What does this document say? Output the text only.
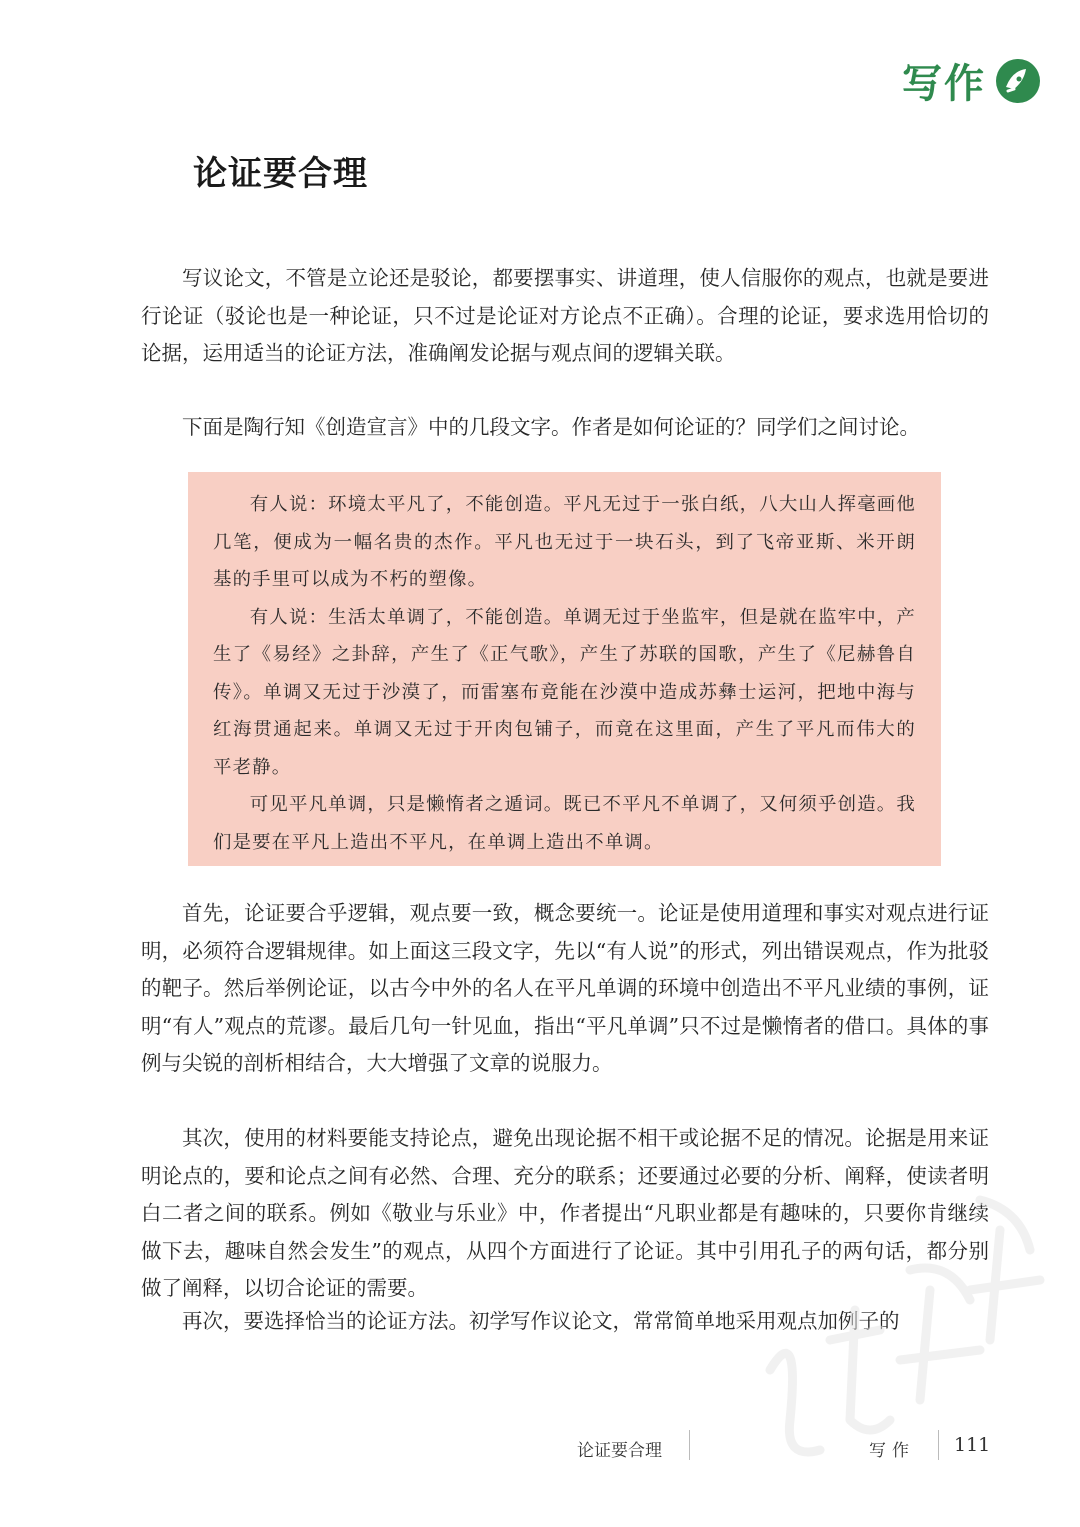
写作
论证要合理

写议论文，不管是立论还是驳论，都要摆事实、讲道理，使人信服你的观点，也就是要进行论证（驳论也是一种论证，只不过是论证对方论点不正确）。合理的论证，要求选用恰切的论据，运用适当的论证方法，准确阐发论据与观点间的逻辑关联。

下面是陶行知《创造宣言》中的几段文字。作者是如何论证的？同学们之间讨论。

有人说：环境太平凡了，不能创造。平凡无过于一张白纸，八大山人挥毫画他几笔，便成为一幅名贵的杰作。平凡也无过于一块石头，到了飞帝亚斯、米开朗基的手里可以成为不朽的塑像。

有人说：生活太单调了，不能创造。单调无过于坐监牢，但是就在监牢中，产生了《易经》之卦辞，产生了《正气歌》，产生了苏联的国歌，产生了《尼赫鲁自传》。单调又无过于沙漠了，而雷塞布竟能在沙漠中造成苏彝士运河，把地中海与红海贯通起来。单调又无过于开肉包铺子，而竟在这里面，产生了平凡而伟大的平老静。

可见平凡单调，只是懒惰者之遁词。既已不平凡不单调了，又何须乎创造。我们是要在平凡上造出不平凡，在单调上造出不单调。

首先，论证要合乎逻辑，观点要一致，概念要统一。论证是使用道理和事实对观点进行证明，必须符合逻辑规律。如上面这三段文字，先以“有人说”的形式，列出错误观点，作为批驳的靶子。然后举例论证，以古今中外的名人在平凡单调的环境中创造出不平凡业绩的事例，证明“有人”观点的荒谬。最后几句一针见血，指出“平凡单调”只不过是懒惰者的借口。具体的事例与尖锐的剖析相结合，大大增强了文章的说服力。

其次，使用的材料要能支持论点，避免出现论据不相干或论据不足的情况。论据是用来证明论点的，要和论点之间有必然、合理、充分的联系；还要通过必要的分析、阐释，使读者明白二者之间的联系。例如《敬业与乐业》中，作者提出“凡职业都是有趣味的，只要你肯继续做下去，趣味自然会发生”的观点，从四个方面进行了论证。其中引用孔子的两句话，都分别做了阐释，以切合论证的需要。

再次，要选择恰当的论证方法。初学写作议论文，常常简单地采用观点加例子的

论证要合理	写作 111
